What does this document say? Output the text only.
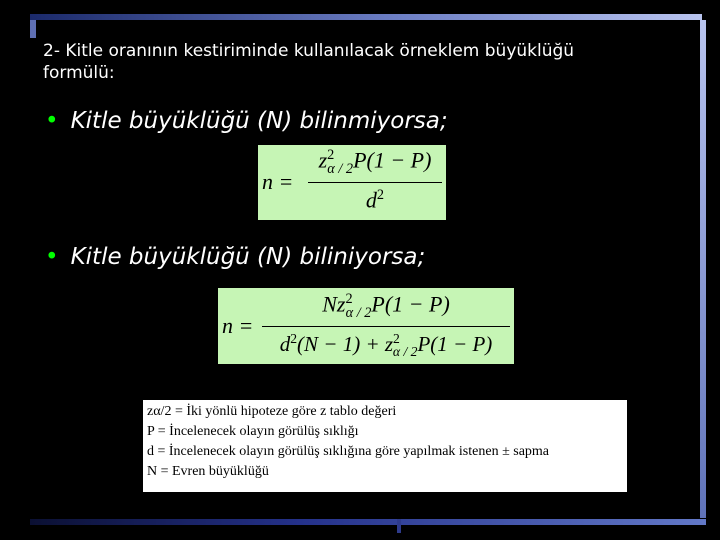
2- Kitle oranının kestiriminde kullanılacak örneklem büyüklüğü
formülü:
• Kitle büyüklüğü (N) bilinmiyorsa;
n =
$z^2_{\alpha / 2}P(1 - P)$
$d^2$
• Kitle büyüklüğü (N) biliniyorsa;
n =
$Nz^2_{\alpha / 2}P(1 - P)$
$d^2(N - 1) + z^2_{\alpha / 2}P(1 - P)$
zα/2 = İki yönlü hipoteze göre z tablo değeri
P = İncelenecek olayın görülüş sıklığı
d = İncelenecek olayın görülüş sıklığına göre yapılmak istenen ± sapma
N = Evren büyüklüğü
